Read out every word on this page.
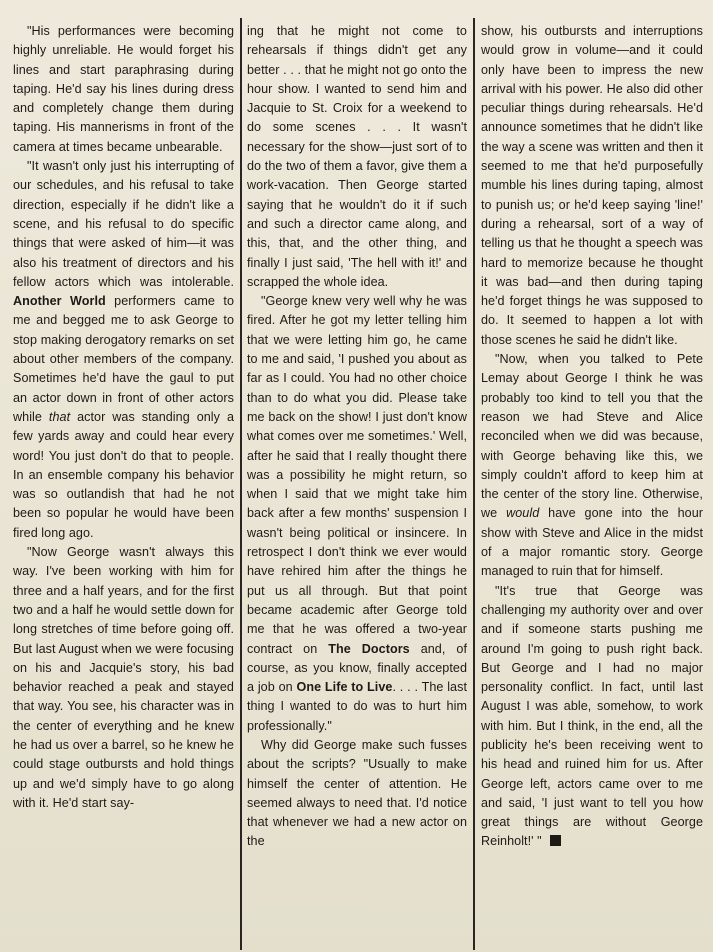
"His performances were becoming highly unreliable. He would forget his lines and start paraphrasing during taping. He'd say his lines during dress and completely change them during taping. His mannerisms in front of the camera at times became unbearable.

"It wasn't only just his interrupting of our schedules, and his refusal to take direction, especially if he didn't like a scene, and his refusal to do specific things that were asked of him—it was also his treatment of directors and his fellow actors which was intolerable. Another World performers came to me and begged me to ask George to stop making derogatory remarks on set about other members of the company. Sometimes he'd have the gaul to put an actor down in front of other actors while that actor was standing only a few yards away and could hear every word! You just don't do that to people. In an ensemble company his behavior was so outlandish that had he not been so popular he would have been fired long ago.

"Now George wasn't always this way. I've been working with him for three and a half years, and for the first two and a half he would settle down for long stretches of time before going off. But last August when we were focusing on his and Jacquie's story, his bad behavior reached a peak and stayed that way. You see, his character was in the center of everything and he knew he had us over a barrel, so he knew he could stage outbursts and hold things up and we'd simply have to go along with it. He'd start say-

ing that he might not come to rehearsals if things didn't get any better . . . that he might not go onto the hour show. I wanted to send him and Jacquie to St. Croix for a weekend to do some scenes . . . It wasn't necessary for the show—just sort of to do the two of them a favor, give them a work-vacation. Then George started saying that he wouldn't do it if such and such a director came along, and this, that, and the other thing, and finally I just said, 'The hell with it!' and scrapped the whole idea.

"George knew very well why he was fired. After he got my letter telling him that we were letting him go, he came to me and said, 'I pushed you about as far as I could. You had no other choice than to do what you did. Please take me back on the show! I just don't know what comes over me sometimes.' Well, after he said that I really thought there was a possibility he might return, so when I said that we might take him back after a few months' suspension I wasn't being political or insincere. In retrospect I don't think we ever would have rehired him after the things he put us all through. But that point became academic after George told me that he was offered a two-year contract on The Doctors and, of course, as you know, finally accepted a job on One Life to Live. . . . The last thing I wanted to do was to hurt him professionally."

Why did George make such fusses about the scripts? "Usually to make himself the center of attention. He seemed always to need that. I'd notice that whenever we had a new actor on the

show, his outbursts and interruptions would grow in volume—and it could only have been to impress the new arrival with his power. He also did other peculiar things during rehearsals. He'd announce sometimes that he didn't like the way a scene was written and then it seemed to me that he'd purposefully mumble his lines during taping, almost to punish us; or he'd keep saying 'line!' during a rehearsal, sort of a way of telling us that he thought a speech was hard to memorize because he thought it was bad—and then during taping he'd forget things he was supposed to do. It seemed to happen a lot with those scenes he said he didn't like.

"Now, when you talked to Pete Lemay about George I think he was probably too kind to tell you that the reason we had Steve and Alice reconciled when we did was because, with George behaving like this, we simply couldn't afford to keep him at the center of the story line. Otherwise, we would have gone into the hour show with Steve and Alice in the midst of a major romantic story. George managed to ruin that for himself.

"It's true that George was challenging my authority over and over and if someone starts pushing me around I'm going to push right back. But George and I had no major personality conflict. In fact, until last August I was able, somehow, to work with him. But I think, in the end, all the publicity he's been receiving went to his head and ruined him for us. After George left, actors came over to me and said, 'I just want to tell you how great things are without George Reinholt!' "
